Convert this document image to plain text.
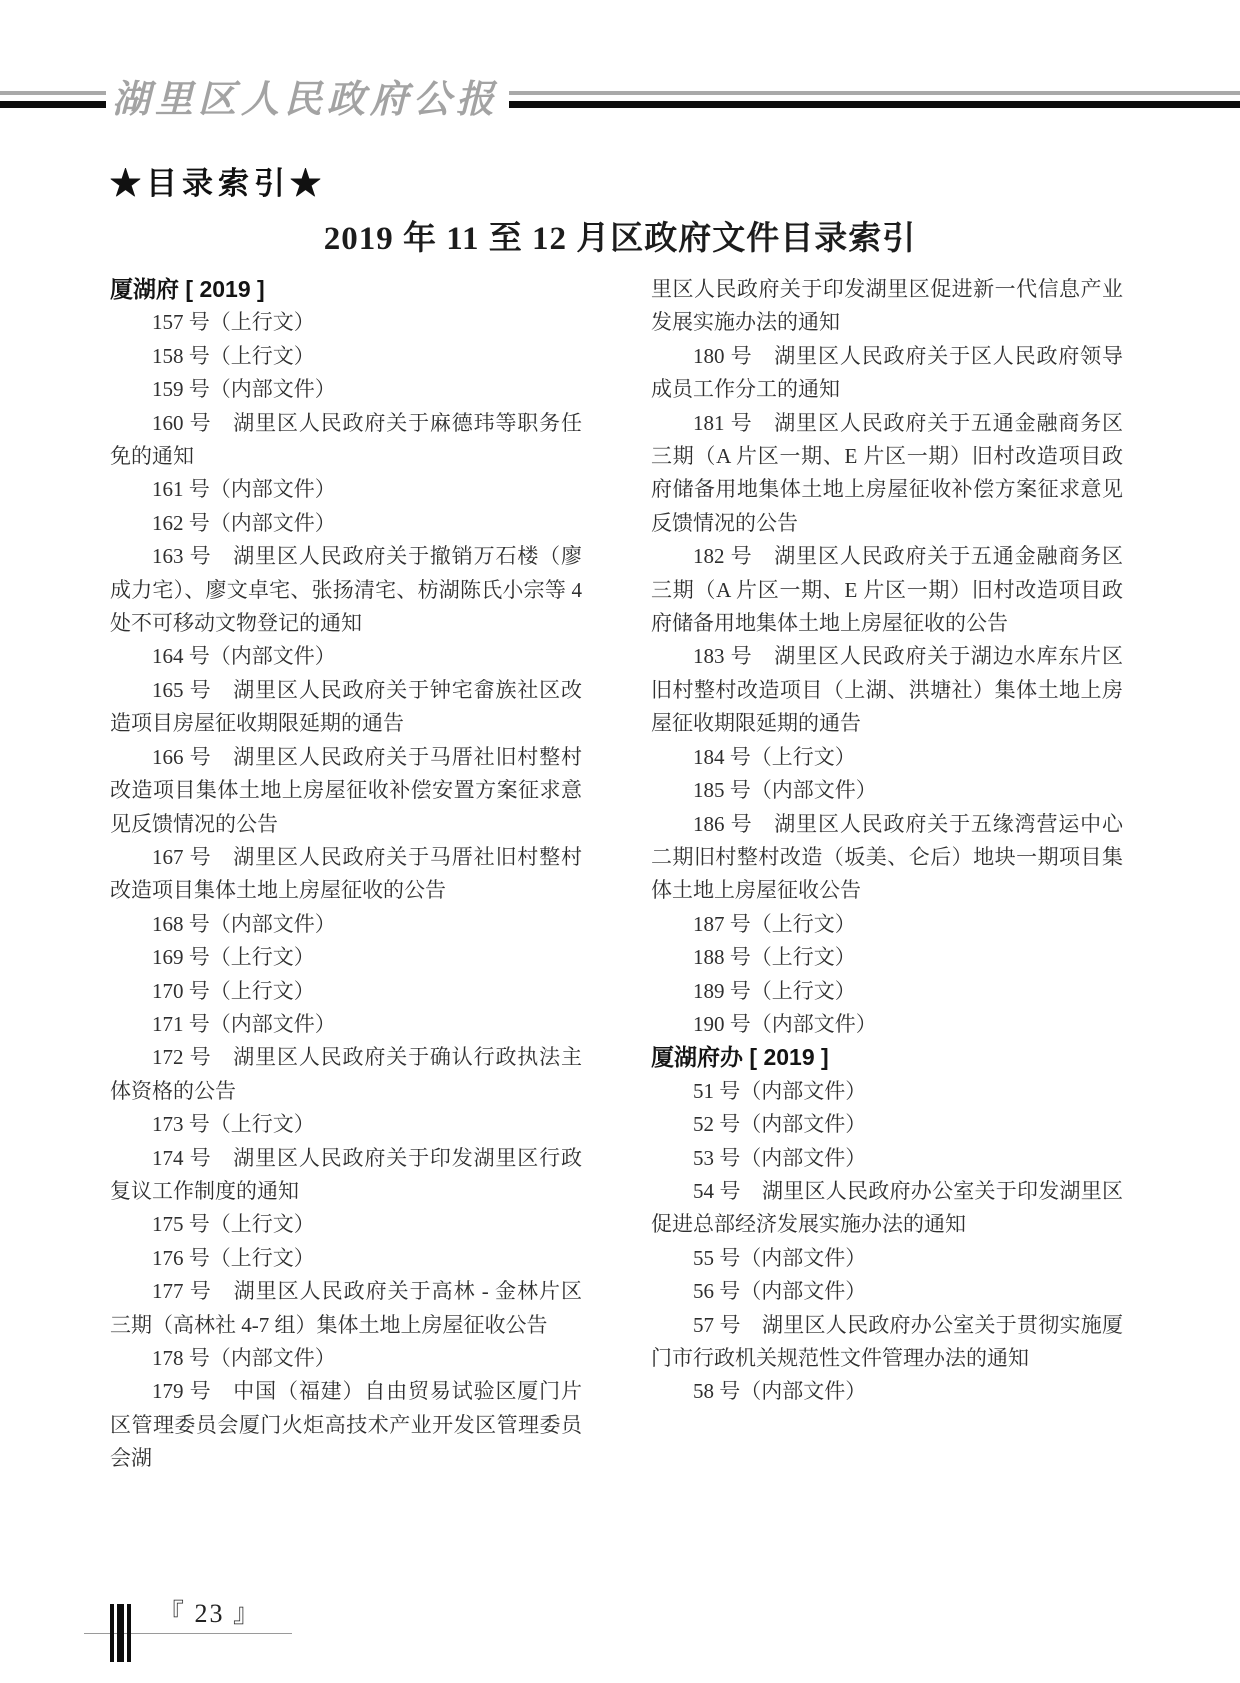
湖里区人民政府公报
★目录索引★
2019 年 11 至 12 月区政府文件目录索引

厦湖府 [ 2019 ]

157 号（上行文）

158 号（上行文）

159 号（内部文件）

160 号　湖里区人民政府关于麻德玮等职务任免的通知

161 号（内部文件）

162 号（内部文件）

163 号　湖里区人民政府关于撤销万石楼（廖成力宅）、廖文卓宅、张扬清宅、枋湖陈氏小宗等 4 处不可移动文物登记的通知

164 号（内部文件）

165 号　湖里区人民政府关于钟宅畲族社区改造项目房屋征收期限延期的通告

166 号　湖里区人民政府关于马厝社旧村整村改造项目集体土地上房屋征收补偿安置方案征求意见反馈情况的公告

167 号　湖里区人民政府关于马厝社旧村整村改造项目集体土地上房屋征收的公告

168 号（内部文件）

169 号（上行文）

170 号（上行文）

171 号（内部文件）

172 号　湖里区人民政府关于确认行政执法主体资格的公告

173 号（上行文）

174 号　湖里区人民政府关于印发湖里区行政复议工作制度的通知

175 号（上行文）

176 号（上行文）

177 号　湖里区人民政府关于高林 - 金林片区三期（高林社 4-7 组）集体土地上房屋征收公告

178 号（内部文件）

179 号　中国（福建）自由贸易试验区厦门片区管理委员会厦门火炬高技术产业开发区管理委员会湖

里区人民政府关于印发湖里区促进新一代信息产业发展实施办法的通知

180 号　湖里区人民政府关于区人民政府领导成员工作分工的通知

181 号　湖里区人民政府关于五通金融商务区三期（A 片区一期、E 片区一期）旧村改造项目政府储备用地集体土地上房屋征收补偿方案征求意见反馈情况的公告

182 号　湖里区人民政府关于五通金融商务区三期（A 片区一期、E 片区一期）旧村改造项目政府储备用地集体土地上房屋征收的公告

183 号　湖里区人民政府关于湖边水库东片区旧村整村改造项目（上湖、洪塘社）集体土地上房屋征收期限延期的通告

184 号（上行文）

185 号（内部文件）

186 号　湖里区人民政府关于五缘湾营运中心二期旧村整村改造（坂美、仑后）地块一期项目集体土地上房屋征收公告

187 号（上行文）

188 号（上行文）

189 号（上行文）

190 号（内部文件）

厦湖府办 [ 2019 ]

51 号（内部文件）

52 号（内部文件）

53 号（内部文件）

54 号　湖里区人民政府办公室关于印发湖里区促进总部经济发展实施办法的通知

55 号（内部文件）

56 号（内部文件）

57 号　湖里区人民政府办公室关于贯彻实施厦门市行政机关规范性文件管理办法的通知

58 号（内部文件）

『 23 』
